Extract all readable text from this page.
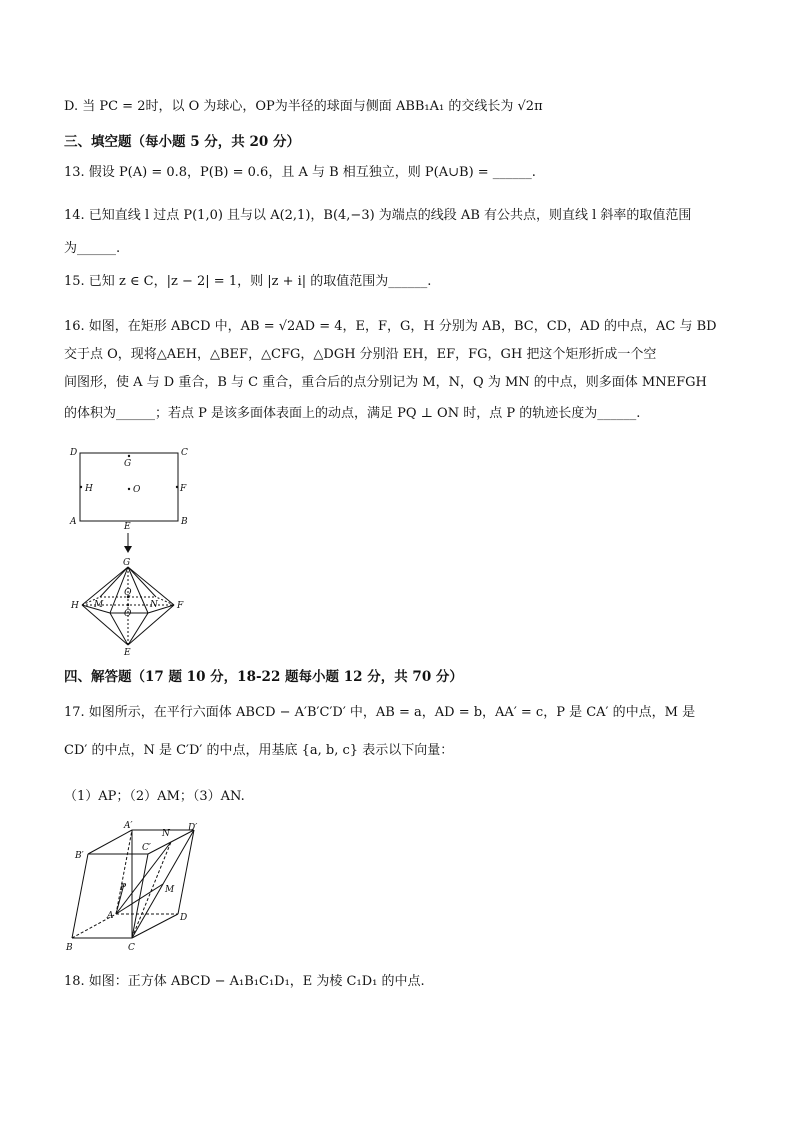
D. 当 PC = 2时，以 O 为球心，OP为半径的球面与侧面 ABB₁A₁ 的交线长为 √2π
三、填空题（每小题 5 分，共 20 分）
13. 假设 P(A) = 0.8，P(B) = 0.6，且 A 与 B 相互独立，则 P(A∪B) = ______.
14. 已知直线 l 过点 P(1,0) 且与以 A(2,1)，B(4,−3) 为端点的线段 AB 有公共点，则直线 l 斜率的取值范围
为______.
15. 已知 z ∈ C，|z − 2| = 1，则 |z + i| 的取值范围为______.
16. 如图，在矩形 ABCD 中，AB = √2AD = 4，E，F，G，H 分别为 AB，BC，CD，AD 的中点，AC 与 BD
交于点 O，现将△AEH，△BEF，△CFG，△DGH 分别沿 EH，EF，FG，GH 把这个矩形折成一个空
间图形，使 A 与 D 重合，B 与 C 重合，重合后的点分别记为 M，N，Q 为 MN 的中点，则多面体 MNEFGH
的体积为______；若点 P 是该多面体表面上的动点，满足 PQ ⊥ ON 时，点 P 的轨迹长度为______.
D	C
G
H	O	F
A	B
E
G
Q
H M	N F
O
E
四、解答题（17 题 10 分，18-22 题每小题 12 分，共 70 分）
17. 如图所示，在平行六面体 ABCD − A′B′C′D′ 中，AB = a，AD = b，AA′ = c，P 是 CA′ 的中点，M 是
CD′ 的中点，N 是 C′D′ 的中点，用基底 {a, b, c} 表示以下向量：
（1）AP；（2）AM；（3）AN.
A′	D′
N
B′
C′
P	M
A	D
B	C
18. 如图：正方体 ABCD − A₁B₁C₁D₁，E 为棱 C₁D₁ 的中点.
